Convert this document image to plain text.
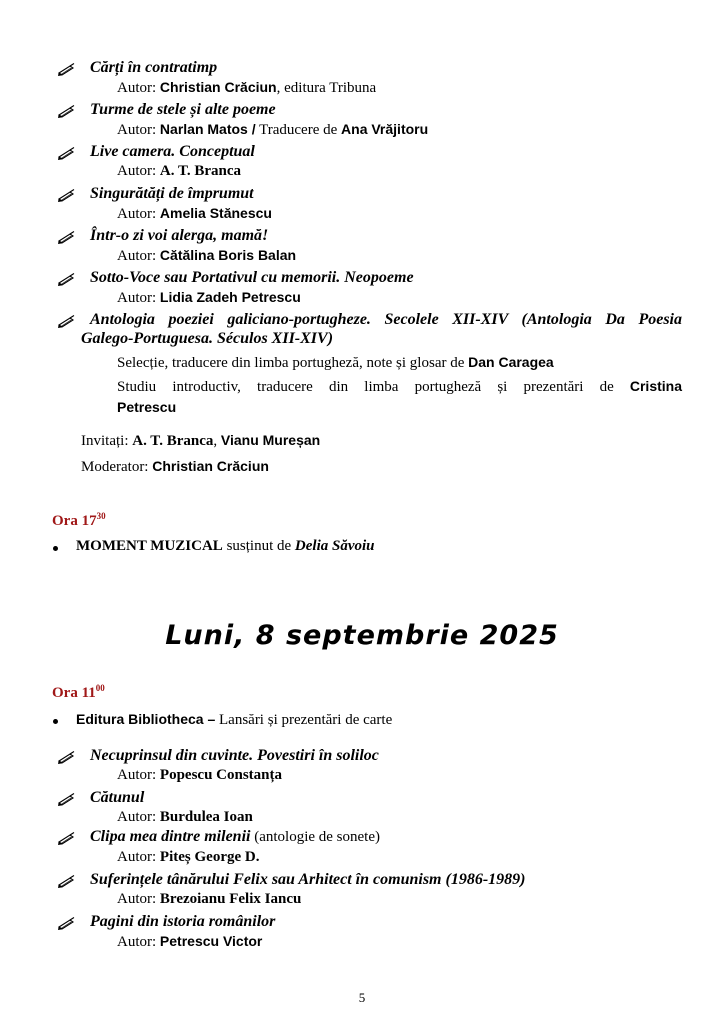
Cărți în contratimp
Autor: Christian Crăciun, editura Tribuna
Turme de stele și alte poeme
Autor: Narlan Matos / Traducere de Ana Vrăjitoru
Live camera. Conceptual
Autor: A. T. Branca
Singurătăți de împrumut
Autor: Amelia Stănescu
Într-o zi voi alerga, mamă!
Autor: Cătălina Boris Balan
Sotto-Voce sau Portativul cu memorii. Neopoeme
Autor: Lidia Zadeh Petrescu
Antologia poeziei galiciano-portugheze. Secolele XII-XIV (Antologia Da Poesia
Galego-Portuguesa. Séculos XII-XIV)
Selecție, traducere din limba portugheză, note și glosar de Dan Caragea
Studiu introductiv, traducere din limba portugheză și prezentări de Cristina
Petrescu
Invitați: A. T. Branca, Vianu Mureșan
Moderator: Christian Crăciun
Ora $17^{30}$
MOMENT MUZICAL susținut de Delia Săvoiu
Luni, 8 septembrie 2025
Ora $11^{00}$
Editura Bibliotheca – Lansări și prezentări de carte
Necuprinsul din cuvinte. Povestiri în soliloc
Autor: Popescu Constanța
Cătunul
Autor: Burdulea Ioan
Clipa mea dintre milenii (antologie de sonete)
Autor: Piteș George D.
Suferințele tânărului Felix sau Arhitect în comunism (1986-1989)
Autor: Brezoianu Felix Iancu
Pagini din istoria românilor
Autor: Petrescu Victor
5
